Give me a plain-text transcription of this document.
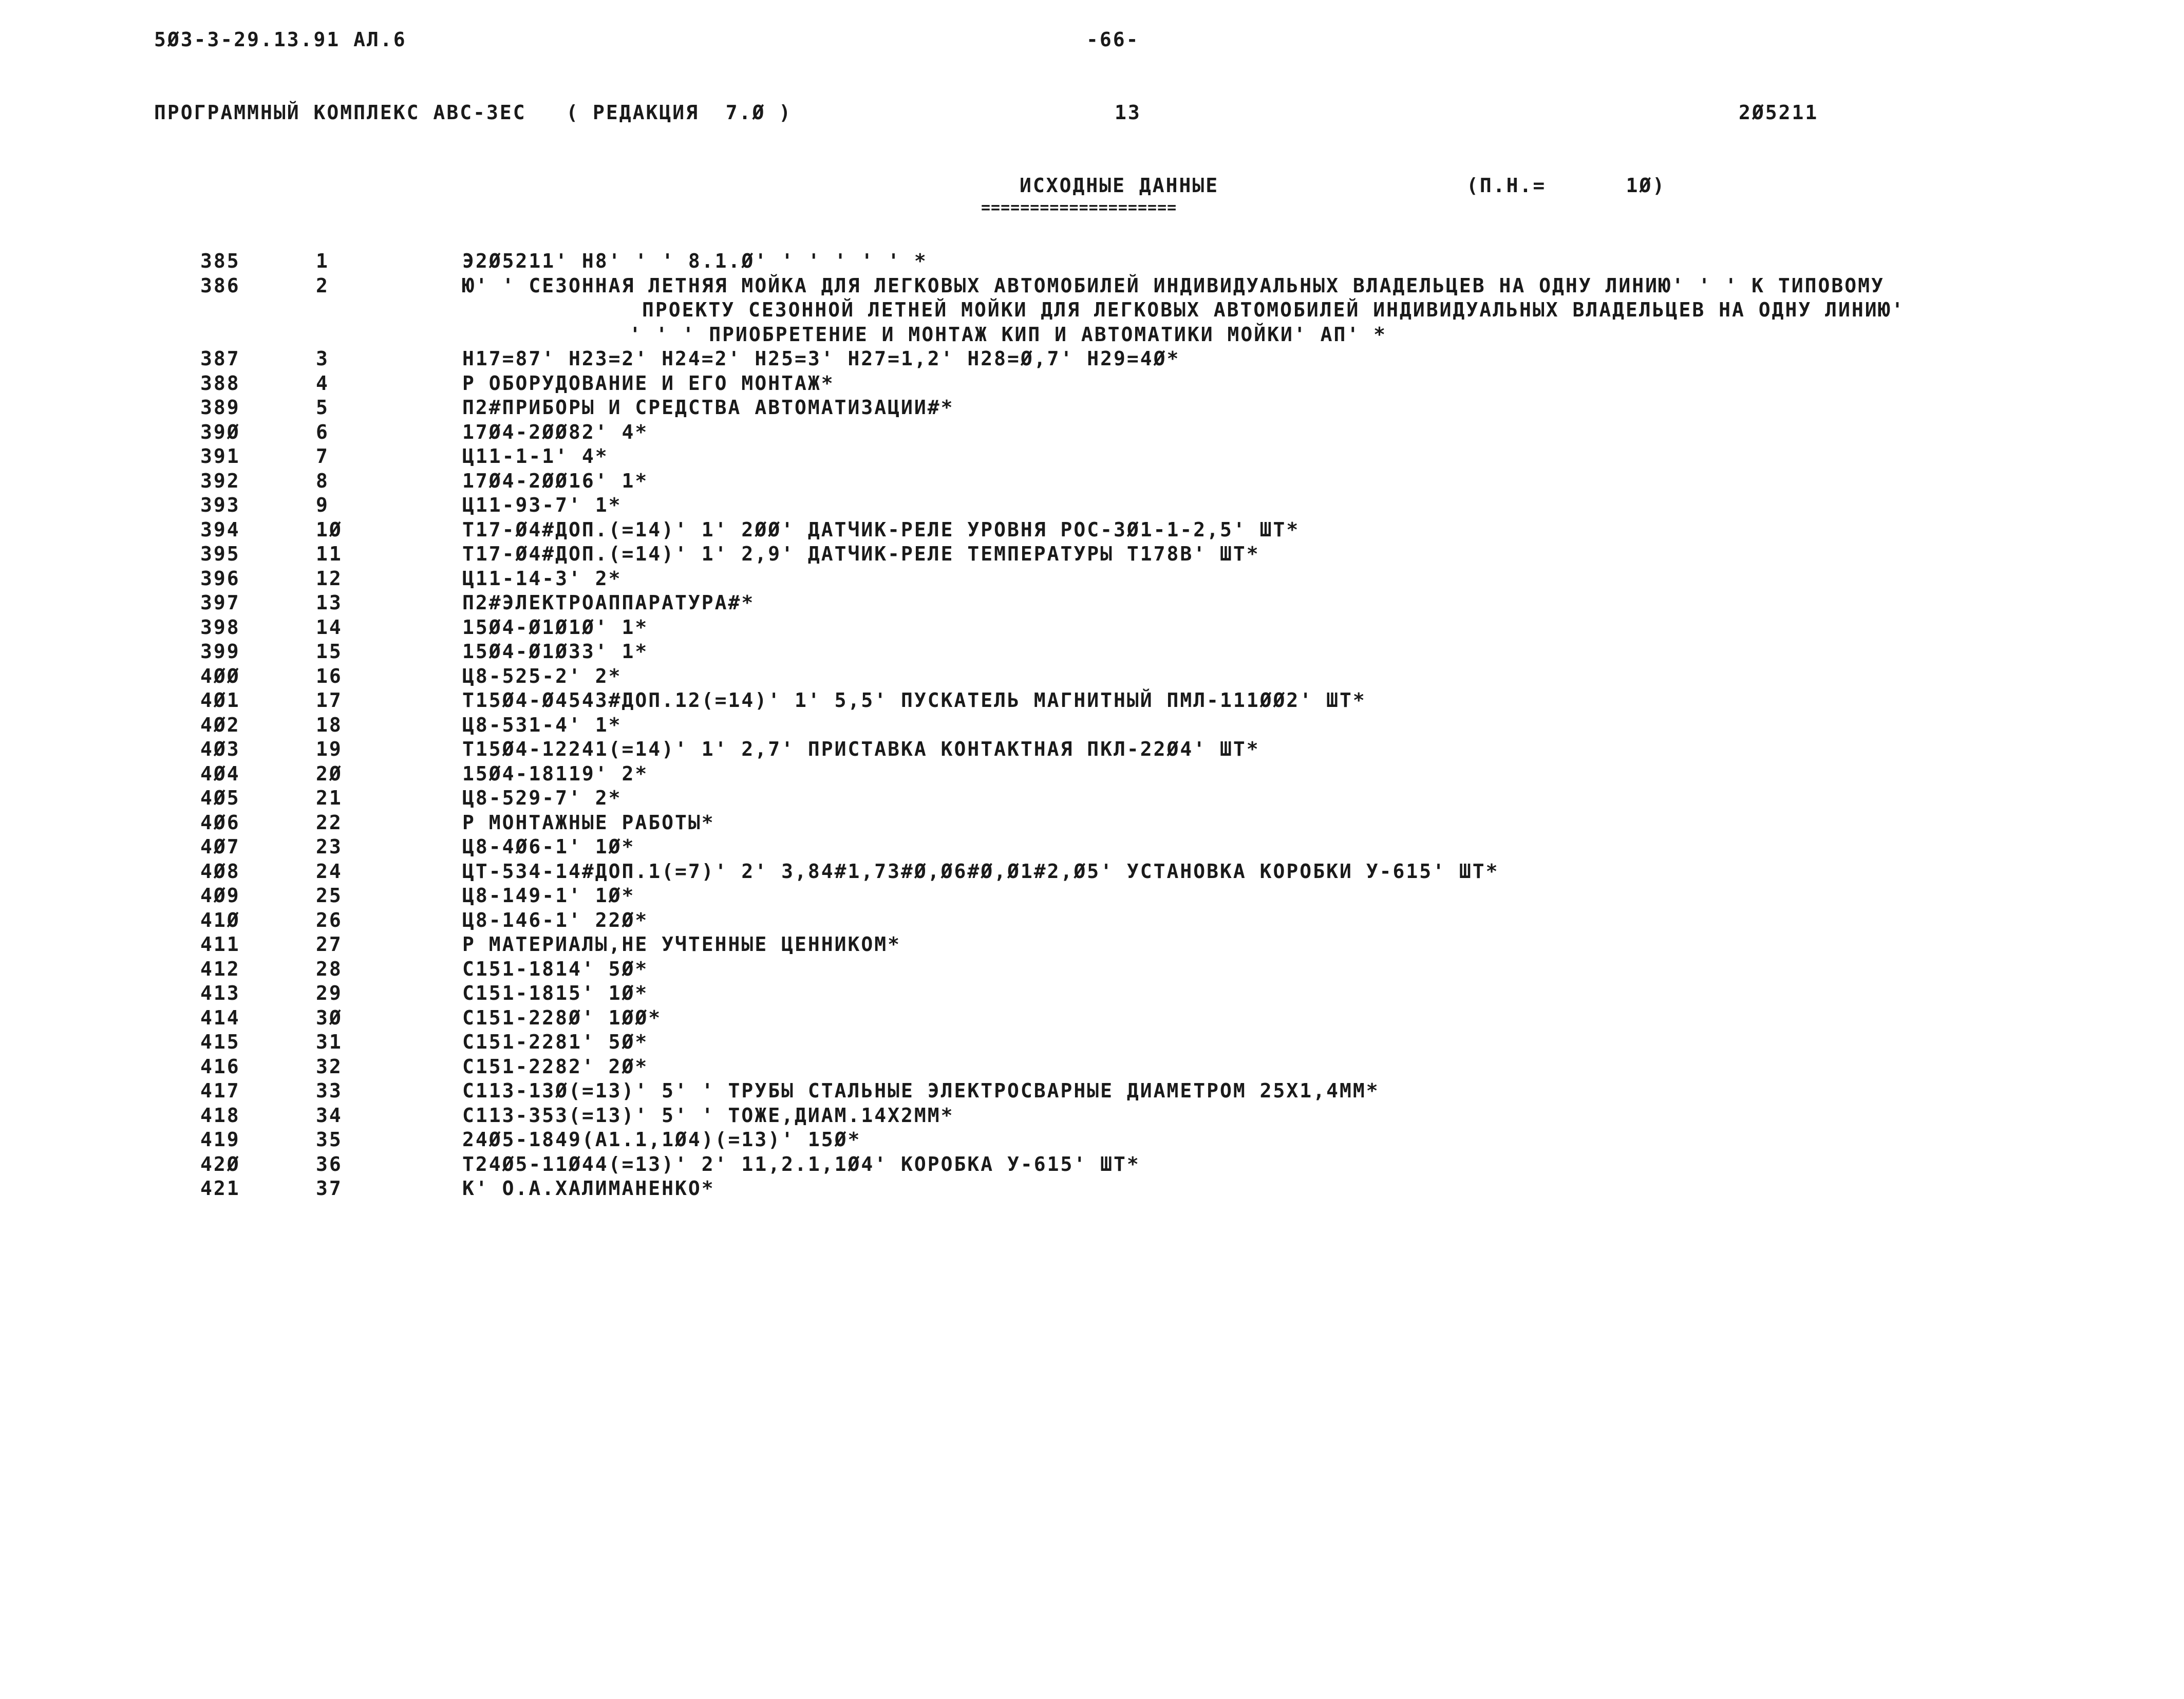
5Ø3-3-29.13.91 АЛ.6	-66-
ПРОГРАММНЫЙ КОМПЛЕКС АВС-3ЕС   ( РЕДАКЦИЯ  7.Ø )	13	2Ø5211
ИСХОДНЫЕ ДАННЫЕ	(П.Н.=      1Ø)
====================
385	1	Э2Ø5211' Н8' ' ' 8.1.Ø' ' ' ' ' ' *
386	2	Ю' ' СЕЗОННАЯ ЛЕТНЯЯ МОЙКА ДЛЯ ЛЕГКОВЫХ АВТОМОБИЛЕЙ ИНДИВИДУАЛЬНЫХ ВЛАДЕЛЬЦЕВ НА ОДНУ ЛИНИЮ' ' ' К ТИПОВОМУ
ПРОЕКТУ СЕЗОННОЙ ЛЕТНЕЙ МОЙКИ ДЛЯ ЛЕГКОВЫХ АВТОМОБИЛЕЙ ИНДИВИДУАЛЬНЫХ ВЛАДЕЛЬЦЕВ НА ОДНУ ЛИНИЮ'
' ' ' ПРИОБРЕТЕНИЕ И МОНТАЖ КИП И АВТОМАТИКИ МОЙКИ' АП' *
387	3	Н17=87' Н23=2' Н24=2' Н25=3' Н27=1,2' Н28=Ø,7' Н29=4Ø*
388	4	Р ОБОРУДОВАНИЕ И ЕГО МОНТАЖ*
389	5	П2#ПРИБОРЫ И СРЕДСТВА АВТОМАТИЗАЦИИ#*
39Ø	6	17Ø4-2ØØ82' 4*
391	7	Ц11-1-1' 4*
392	8	17Ø4-2ØØ16' 1*
393	9	Ц11-93-7' 1*
394	1Ø	Т17-Ø4#ДОП.(=14)' 1' 2ØØ' ДАТЧИК-РЕЛЕ УРОВНЯ РОС-3Ø1-1-2,5' ШТ*
395	11	Т17-Ø4#ДОП.(=14)' 1' 2,9' ДАТЧИК-РЕЛЕ ТЕМПЕРАТУРЫ Т178В' ШТ*
396	12	Ц11-14-3' 2*
397	13	П2#ЭЛЕКТРОАППАРАТУРА#*
398	14	15Ø4-Ø1Ø1Ø' 1*
399	15	15Ø4-Ø1Ø33' 1*
4ØØ	16	Ц8-525-2' 2*
4Ø1	17	Т15Ø4-Ø4543#ДОП.12(=14)' 1' 5,5' ПУСКАТЕЛЬ МАГНИТНЫЙ ПМЛ-111ØØ2' ШТ*
4Ø2	18	Ц8-531-4' 1*
4Ø3	19	Т15Ø4-12241(=14)' 1' 2,7' ПРИСТАВКА КОНТАКТНАЯ ПКЛ-22Ø4' ШТ*
4Ø4	2Ø	15Ø4-18119' 2*
4Ø5	21	Ц8-529-7' 2*
4Ø6	22	Р МОНТАЖНЫЕ РАБОТЫ*
4Ø7	23	Ц8-4Ø6-1' 1Ø*
4Ø8	24	ЦТ-534-14#ДОП.1(=7)' 2' 3,84#1,73#Ø,Ø6#Ø,Ø1#2,Ø5' УСТАНОВКА КОРОБКИ У-615' ШТ*
4Ø9	25	Ц8-149-1' 1Ø*
41Ø	26	Ц8-146-1' 22Ø*
411	27	Р МАТЕРИАЛЫ,НЕ УЧТЕННЫЕ ЦЕННИКОМ*
412	28	С151-1814' 5Ø*
413	29	С151-1815' 1Ø*
414	3Ø	С151-228Ø' 1ØØ*
415	31	С151-2281' 5Ø*
416	32	С151-2282' 2Ø*
417	33	С113-13Ø(=13)' 5' ' ТРУБЫ СТАЛЬНЫЕ ЭЛЕКТРОСВАРНЫЕ ДИАМЕТРОМ 25Х1,4ММ*
418	34	С113-353(=13)' 5' ' ТОЖЕ,ДИАМ.14Х2ММ*
419	35	24Ø5-1849(А1.1,1Ø4)(=13)' 15Ø*
42Ø	36	Т24Ø5-11Ø44(=13)' 2' 11,2.1,1Ø4' КОРОБКА У-615' ШТ*
421	37	К' О.А.ХАЛИМАНЕНКО*
